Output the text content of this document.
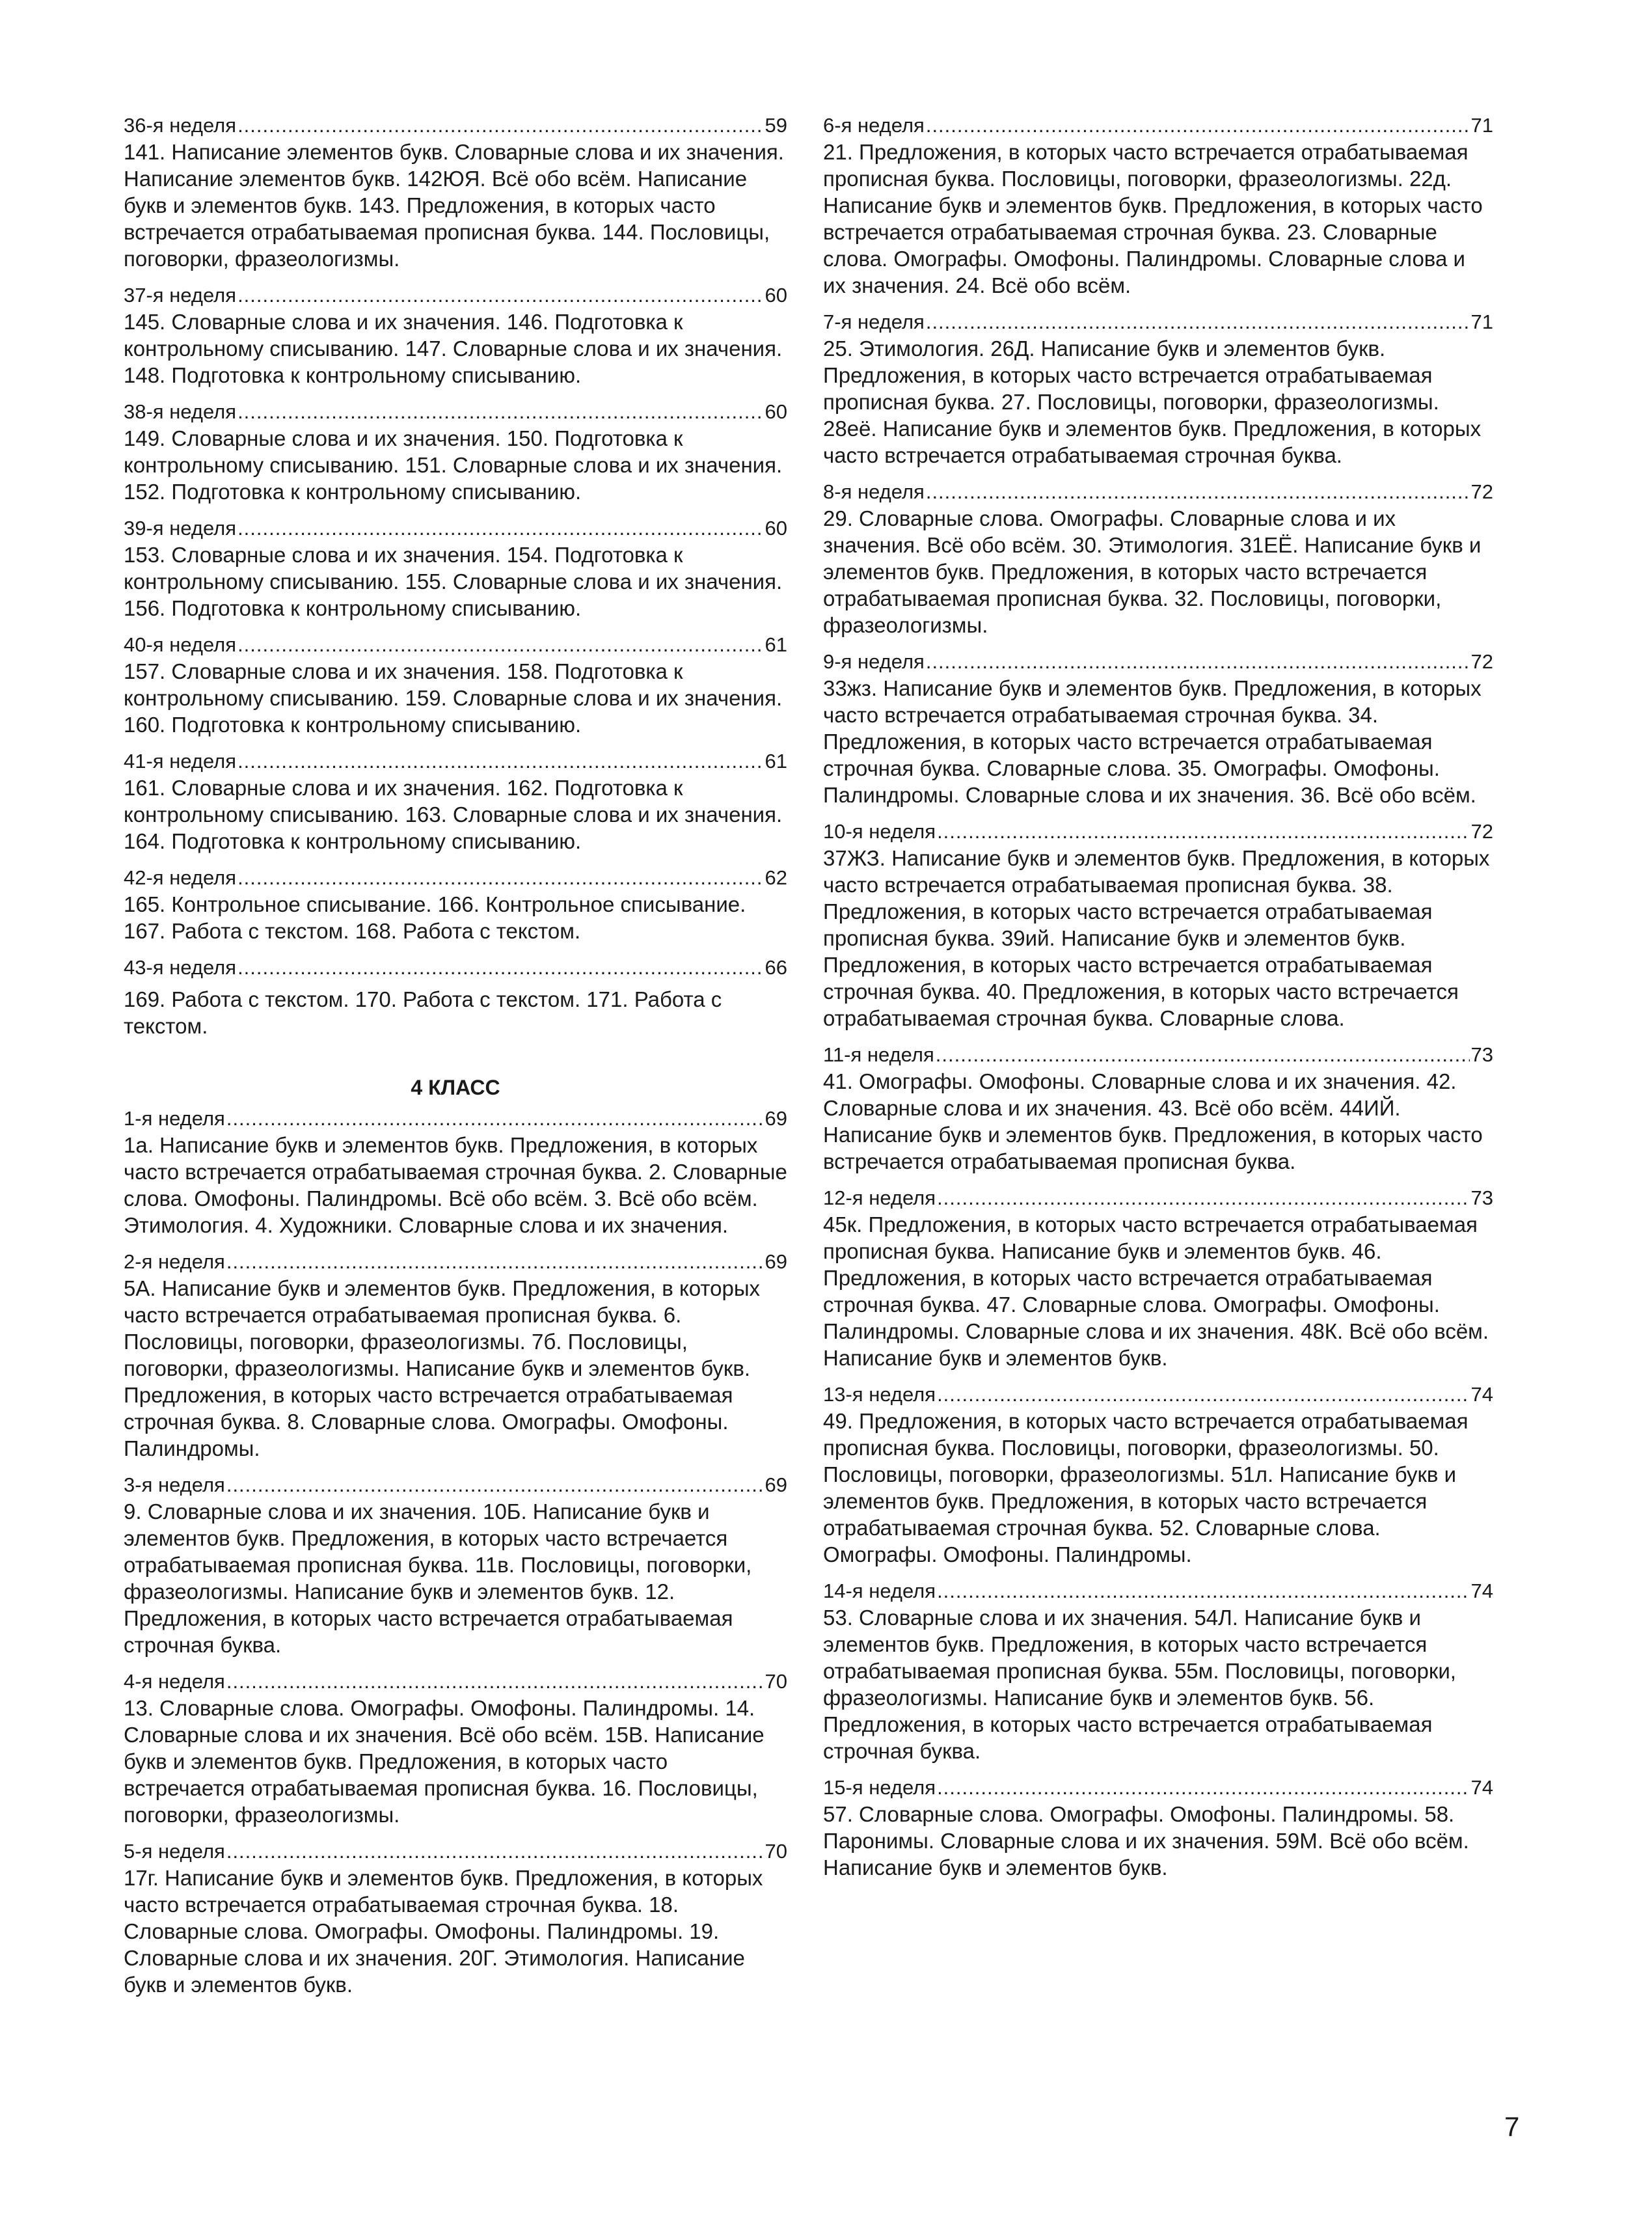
36-я неделя .....	59
141. Написание элементов букв. Словарные слова и их значения. Написание элементов букв. 142ЮЯ. Всё обо всём. Написание букв и элементов букв. 143. Предложения, в которых часто встречается отрабатываемая прописная буква. 144. Пословицы, поговорки, фразеологизмы.
37-я неделя .....	60
145. Словарные слова и их значения. 146. Подготовка к контрольному списыванию. 147. Словарные слова и их значения. 148. Подготовка к контрольному списыванию.
38-я неделя .....	60
149. Словарные слова и их значения. 150. Подготовка к контрольному списыванию. 151. Словарные слова и их значения. 152. Подготовка к контрольному списыванию.
39-я неделя .....	60
153. Словарные слова и их значения. 154. Подготовка к контрольному списыванию. 155. Словарные слова и их значения. 156. Подготовка к контрольному списыванию.
40-я неделя .....	61
157. Словарные слова и их значения. 158. Подготовка к контрольному списыванию. 159. Словарные слова и их значения. 160. Подготовка к контрольному списыванию.
41-я неделя .....	61
161. Словарные слова и их значения. 162. Подготовка к контрольному списыванию. 163. Словарные слова и их значения. 164. Подготовка к контрольному списыванию.
42-я неделя .....	62
165. Контрольное списывание. 166. Контрольное списывание. 167. Работа с текстом. 168. Работа с текстом.
43-я неделя .....	66
169. Работа с текстом. 170. Работа с текстом. 171. Работа с текстом.
4 КЛАСС
1-я неделя .....	69
1а. Написание букв и элементов букв. Предложения, в которых часто встречается отрабатываемая строчная буква. 2. Словарные слова. Омофоны. Палиндромы. Всё обо всём. 3. Всё обо всём. Этимология. 4. Художники. Словарные слова и их значения.
2-я неделя .....	69
5А. Написание букв и элементов букв. Предложения, в которых часто встречается отрабатываемая прописная буква. 6. Пословицы, поговорки, фразеологизмы. 7б. Пословицы, поговорки, фразеологизмы. Написание букв и элементов букв. Предложения, в которых часто встречается отрабатываемая строчная буква. 8. Словарные слова. Омографы. Омофоны. Палиндромы.
3-я неделя .....	69
9. Словарные слова и их значения. 10Б. Написание букв и элементов букв. Предложения, в которых часто встречается отрабатываемая прописная буква. 11в. Пословицы, поговорки, фразеологизмы. Написание букв и элементов букв. 12. Предложения, в которых часто встречается отрабатываемая строчная буква.
4-я неделя .....	70
13. Словарные слова. Омографы. Омофоны. Палиндромы. 14. Словарные слова и их значения. Всё обо всём. 15В. Написание букв и элементов букв. Предложения, в которых часто встречается отрабатываемая прописная буква. 16. Пословицы, поговорки, фразеологизмы.
5-я неделя .....	70
17г. Написание букв и элементов букв. Предложения, в которых часто встречается отрабатываемая строчная буква. 18. Словарные слова. Омографы. Омофоны. Палиндромы. 19. Словарные слова и их значения. 20Г. Этимология. Написание букв и элементов букв.
6-я неделя .....	71
21. Предложения, в которых часто встречается отрабатываемая прописная буква. Пословицы, поговорки, фразеологизмы. 22д. Написание букв и элементов букв. Предложения, в которых часто встречается отрабатываемая строчная буква. 23. Словарные слова. Омографы. Омофоны. Палиндромы. Словарные слова и их значения. 24. Всё обо всём.
7-я неделя .....	71
25. Этимология. 26Д. Написание букв и элементов букв. Предложения, в которых часто встречается отрабатываемая прописная буква. 27. Пословицы, поговорки, фразеологизмы. 28её. Написание букв и элементов букв. Предложения, в которых часто встречается отрабатываемая строчная буква.
8-я неделя .....	72
29. Словарные слова. Омографы. Словарные слова и их значения. Всё обо всём. 30. Этимология. 31ЕЁ. Написание букв и элементов букв. Предложения, в которых часто встречается отрабатываемая прописная буква. 32. Пословицы, поговорки, фразеологизмы.
9-я неделя .....	72
33жз. Написание букв и элементов букв. Предложения, в которых часто встречается отрабатываемая строчная буква. 34. Предложения, в которых часто встречается отрабатываемая строчная буква. Словарные слова. 35. Омографы. Омофоны. Палиндромы. Словарные слова и их значения. 36. Всё обо всём.
10-я неделя .....	72
37ЖЗ. Написание букв и элементов букв. Предложения, в которых часто встречается отрабатываемая прописная буква. 38. Предложения, в которых часто встречается отрабатываемая прописная буква. 39ий. Написание букв и элементов букв. Предложения, в которых часто встречается отрабатываемая строчная буква. 40. Предложения, в которых часто встречается отрабатываемая строчная буква. Словарные слова.
11-я неделя .....	73
41. Омографы. Омофоны. Словарные слова и их значения. 42. Словарные слова и их значения. 43. Всё обо всём. 44ИЙ. Написание букв и элементов букв. Предложения, в которых часто встречается отрабатываемая прописная буква.
12-я неделя .....	73
45к. Предложения, в которых часто встречается отрабатываемая прописная буква. Написание букв и элементов букв. 46. Предложения, в которых часто встречается отрабатываемая строчная буква. 47. Словарные слова. Омографы. Омофоны. Палиндромы. Словарные слова и их значения. 48К. Всё обо всём. Написание букв и элементов букв.
13-я неделя .....	74
49. Предложения, в которых часто встречается отрабатываемая прописная буква. Пословицы, поговорки, фразеологизмы. 50. Пословицы, поговорки, фразеологизмы. 51л. Написание букв и элементов букв. Предложения, в которых часто встречается отрабатываемая строчная буква. 52. Словарные слова. Омографы. Омофоны. Палиндромы.
14-я неделя .....	74
53. Словарные слова и их значения. 54Л. Написание букв и элементов букв. Предложения, в которых часто встречается отрабатываемая прописная буква. 55м. Пословицы, поговорки, фразеологизмы. Написание букв и элементов букв. 56. Предложения, в которых часто встречается отрабатываемая строчная буква.
15-я неделя .....	74
57. Словарные слова. Омографы. Омофоны. Палиндромы. 58. Паронимы. Словарные слова и их значения. 59М. Всё обо всём. Написание букв и элементов букв.
7
